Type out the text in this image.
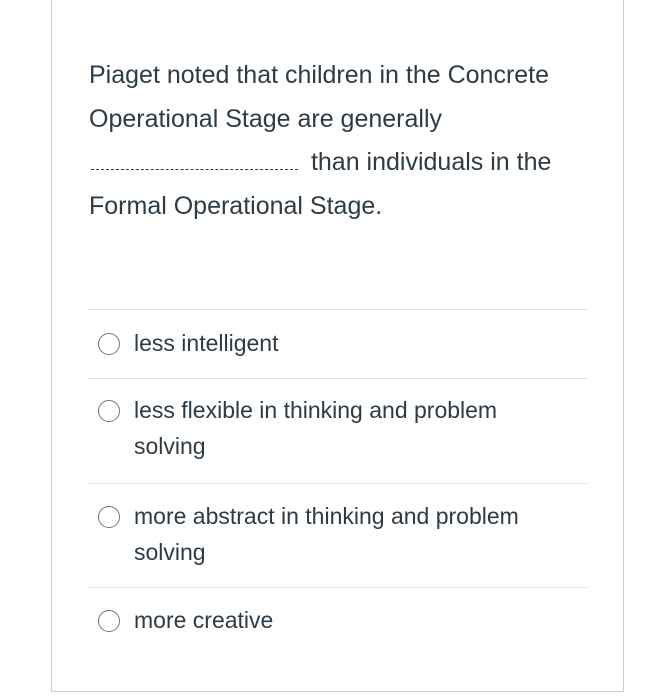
Piaget noted that children in the Concrete Operational Stage are generally  than individuals in the Formal Operational Stage.
less intelligent
less flexible in thinking and problem solving
more abstract in thinking and problem solving
more creative
